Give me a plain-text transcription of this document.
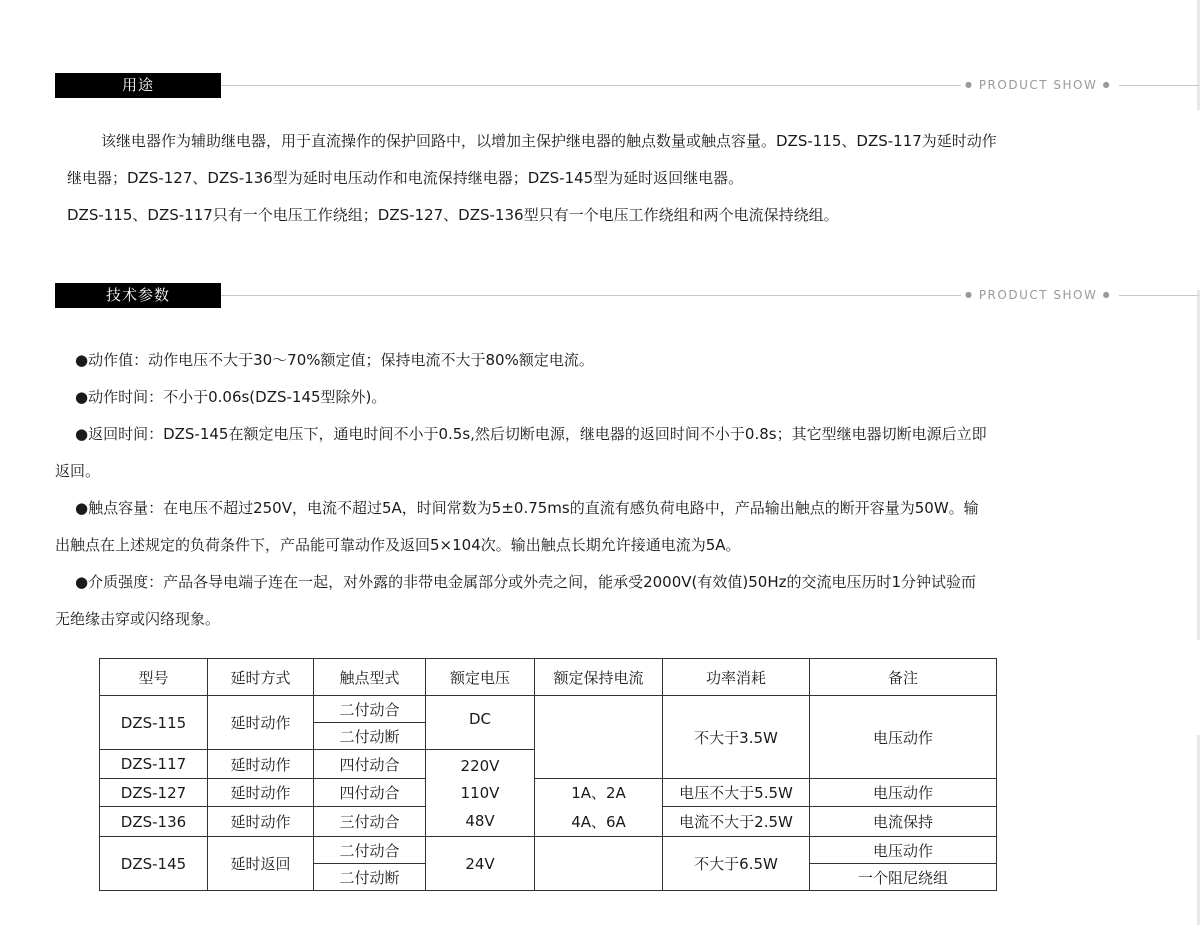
用途	● PRODUCT SHOW ●
该继电器作为辅助继电器，用于直流操作的保护回路中，以增加主保护继电器的触点数量或触点容量。DZS-115、DZS-117为延时动作
继电器；DZS-127、DZS-136型为延时电压动作和电流保持继电器；DZS-145型为延时返回继电器。
DZS-115、DZS-117只有一个电压工作绕组；DZS-127、DZS-136型只有一个电压工作绕组和两个电流保持绕组。
技术参数	● PRODUCT SHOW ●
●动作值：动作电压不大于30～70%额定值；保持电流不大于80%额定电流。
●动作时间：不小于0.06s(DZS-145型除外)。
●返回时间：DZS-145在额定电压下，通电时间不小于0.5s,然后切断电源，继电器的返回时间不小于0.8s；其它型继电器切断电源后立即
返回。
●触点容量：在电压不超过250V，电流不超过5A，时间常数为5±0.75ms的直流有感负荷电路中，产品输出触点的断开容量为50W。输
出触点在上述规定的负荷条件下，产品能可靠动作及返回5×104次。输出触点长期允许接通电流为5A。
●介质强度：产品各导电端子连在一起，对外露的非带电金属部分或外壳之间，能承受2000V(有效值)50Hz的交流电压历时1分钟试验而
无绝缘击穿或闪络现象。
型号	延时方式	触点型式	额定电压	额定保持电流	功率消耗	备注
DZS-115	延时动作	二付动合	DC		不大于3.5W	电压动作
		二付动断				
DZS-117	延时动作	四付动合	220V			
DZS-127	延时动作	四付动合	110V	1A、2A	电压不大于5.5W	电压动作
DZS-136	延时动作	三付动合	48V	4A、6A	电流不大于2.5W	电流保持
DZS-145	延时返回	二付动合	24V		不大于6.5W	电压动作
		二付动断				一个阻尼绕组
